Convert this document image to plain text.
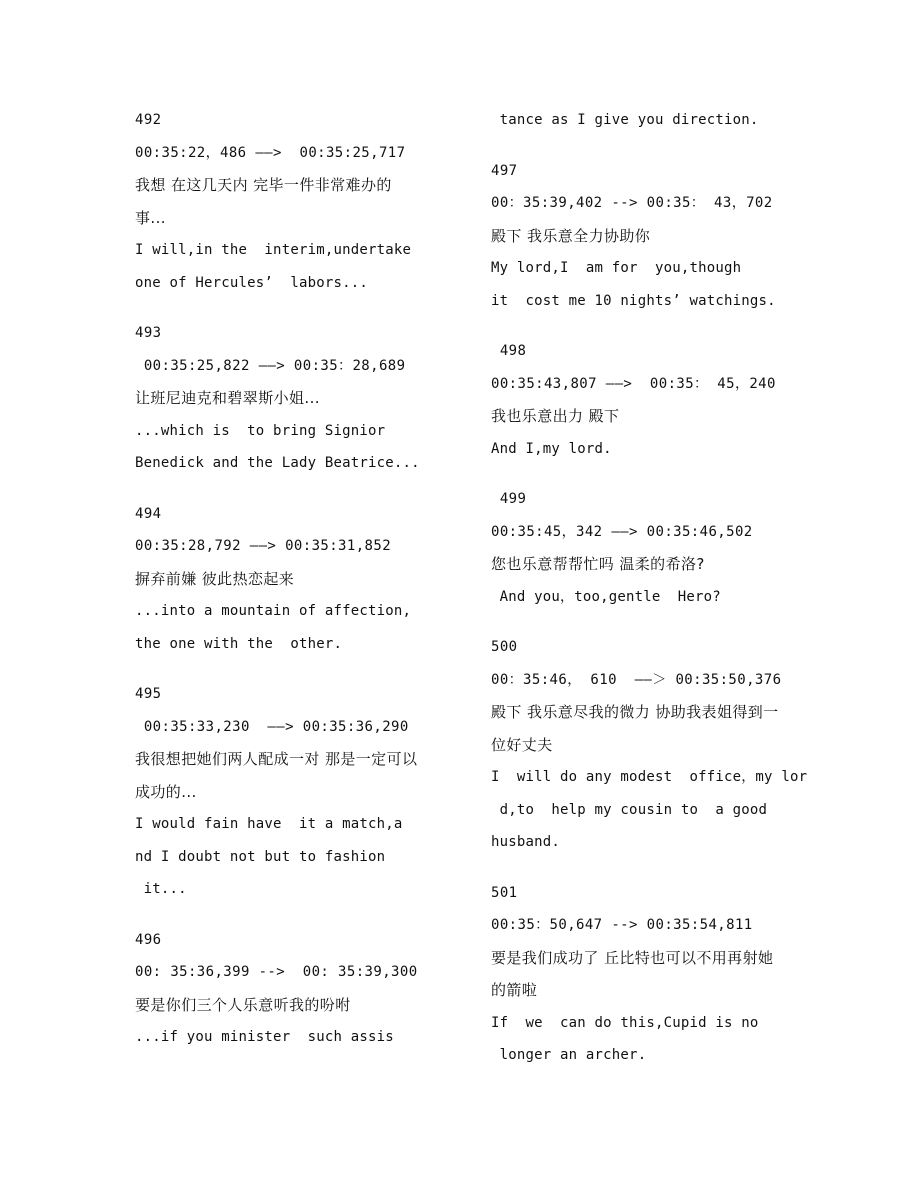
492
00:35:22，486 ——>  00:35:25,717
我想 在这几天内 完毕一件非常难办的
事...
I will,in the  interim,undertake
one of Hercules’  labors...
493
00:35:25,822 ——> 00:35：28,689
让班尼迪克和碧翠斯小姐...
...which is  to bring Signior
Benedick and the Lady Beatrice...
494
00:35:28,792 ——> 00:35:31,852
摒弃前嫌 彼此热恋起来
...into a mountain of affection,
the one with the  other.
495
00:35:33,230  ——> 00:35:36,290
我很想把她们两人配成一对 那是一定可以
成功的...
I would fain have  it a match,a
nd I doubt not but to fashion
it...
496
00: 35:36,399 -->  00: 35:39,300
要是你们三个人乐意听我的吩咐
...if you minister  such assis
tance as I give you direction.
497
00：35:39,402 --> 00:35： 43，702
殿下 我乐意全力协助你
My lord,I  am for  you,though
it  cost me 10 nights’ watchings.
498
00:35:43,807 ——>  00:35： 45，240
我也乐意出力 殿下
And I,my lord.
499
00:35:45，342 ——> 00:35:46,502
您也乐意帮帮忙吗 温柔的希洛?
And you，too,gentle  Hero?
500
00：35:46， 610  ——＞ 00:35:50,376
殿下 我乐意尽我的微力 协助我表姐得到一
位好丈夫
I  will do any modest  office，my lor
d,to  help my cousin to  a good
husband.
501
00:35：50,647 --> 00:35:54,811
要是我们成功了 丘比特也可以不用再射她
的箭啦
If  we  can do this,Cupid is no
longer an archer.
